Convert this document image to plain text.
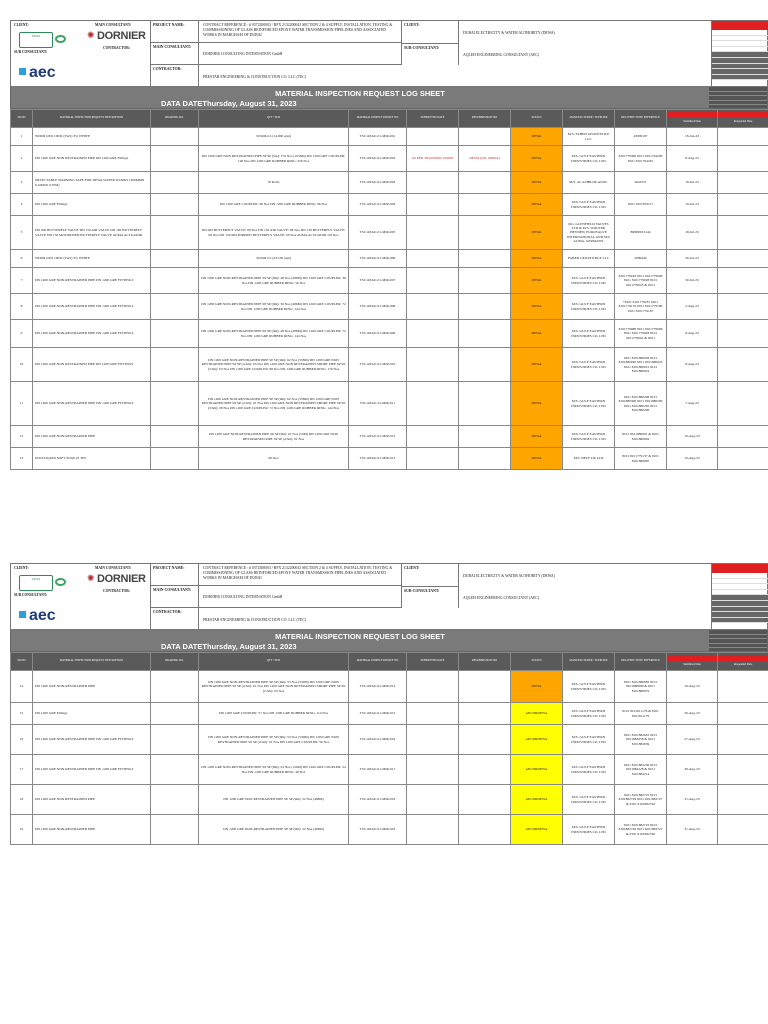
CLIENT:	MAIN CONSULTANT:
DEWA	✺ DORNIER
SUB CONSULTANT:
CONTRACTOR:
aec
PROJECT NAME:	CONTRACT REFERENCE : # 0372300003 / RFX 2132200043 SECTION 2 & 4 SUPPLY, INSTALLATION, TESTING & COMMISSIONING OF GLASS REINFORCED EPOXY WATER TRANSMISSION PIPELINES AND ASSOCIATED WORKS IN MARGHAM OF DUBAI
MAIN CONSULTANT:
DORNIER CONSULTING INTERNATION GmbH
CONTRACTOR:
PRESTAR ENGINEERING & CONSTRUCTION CO. LLC (TEC)
CLIENT:
DUBAI ELECTRICITY & WATER AUTHORITY (DEWA)
SUB-CONSULTANT:
AQLEH ENGINEERING CONSULTANT (AEC)
MATERIAL INSPECTION REQUEST LOG SHEET
DATA DATEThursday, August 31, 2023
SR NO	MATERIAL INSPECTION REQUEST DESCRIPTION	DRAWING NO.	QTY / NOS	MATERIAL INSPECTION REF NO	SUBMITTED DATE	RESUBMISSION NO	STATUS	MANUFACTURER / SUPPLIER	DELIVERY NOTE REFERENCE	Submitted Date	Responded Date
1	WIMD GEO 100/R (YAS) 3% WHITE		50 ROLLS (14,000 sqm)	TSC-RTAU-01-MIR-001			DEWA	M/S. FAHED GEOTEXTILE LLC	43009197	18-Jan-23	
2	DN 1200 GRE NON RESTRAINED PIPE DN 1200 GRE Fittings		DN 1200 GRE NON RESTRAINED PIPE SP SP (Sm): 176 Nos (1056M) DN 1200 GRE COUPLER: 128 Nos DN 1200 GRE RUBBER RING: 256 Nos	TSC-RTAU-01-MIR-002	AS PER TRANSMIT 10090S	DEWA (NO 10090A)	DEWA	M/S. GULF EASTERN INDUSTRIES CO. LTD	8101779390 8101 8101794290 8101 8101794291	8-Aug-23	
3	DETECTABLE WARNING TAPE FOR DEWA WATER WORKS (300MMX 0.1MMX 0.35M)		70 Rolls	TSC-RTAU-01-MIR-003			DEWA	M/S. AL ASHRI PLASTIC	DG6551	18-Jul-23	
4	DN 1200 GRE Fittings		DN 1200 GRE COUPLER: 48 Nos DN 1200 GRE RUBBER RING: 96 Nos	TSC-RTAU-01-MIR-004			DEWA	M/S. GULF EASTERN INDUSTRIES CO. LTD	8101 8101879117	18-Jul-23	
5	DN 200 BUTTERFLY VALVE DN 150 AIR VALVE DN 100 BUTTERFLY VALVE DN 150 MOTORISED BUTTERFLY VALVE AUMA ACTUATOR		DN 200 BUTTERFLY VALVE: 08 Nos DN 150 AIR VALVE: 08 Nos DN 150 BUTTERFLY VALVE: 06 Nos DN 150 MOTORISED BUTTERFLY VALVE: 09 Nos AUMA ACTUATOR: 09 Nos	TSC-RTAU-01-MIR-005			DEWA	M/s. GLENFIELD VALVES LTD & M/S. WOUTER HEYDEN, EUROVALVE INTERNATIONAL AND M/S AUMA, GERMANY	BP000013144	18-Jul-23	
6	WIMD GEO 100/R (YAS) 3% WHITE		30 ROLLS (23,100 sqm)	TSC-RTAU-01-MIR-006			DEWA	FAHED GEOTEXTILE LLC	2089449	30-Jul-23	
7	DN 1200 GRE NON-RESTRAINED PIPE DN 1200 GRE FITTINGS		DN 1200 GRE NON-RESTRAINED PIPE SP SP (9m): 48 Nos (288M) DN 1200 GRE COUPLER: 38 Nos DN 1200 GRE RUBBER RING: 56 Nos	TSC-RTAU-01-MIR-007			DEWA	M/S. GULF EASTERN INDUSTRIES CO. LTD	8101779018 8101 8101779006 8101 8101779028 8101 8101779025 & 8101	30-Jul-23	
8	DN 1200 GRE NON-RESTRAINED PIPE DN 1200 GRE FITTINGS		DN 1200 GRE NON-RESTRAINED PIPE SP SP (9m): 56 Nos (486M) DN 1200 GRE COUPLER: 72 Nos DN 1200 GRE RUBBER RING: 144 Nos	TSC-RTAU-01-MIR-008			DEWA	M/S. GULF EASTERN INDUSTRIES CO. LTD	*8101 8101779181 8101 8101779176 8101 8101779180 8101 8101779187	2-Aug-23	
9	DN 1200 GRE NON-RESTRAINED PIPE DN 1200 GRE FITTINGS		DN 1200 GRE NON-RESTRAINED PIPE SP SP (9m): 48 Nos (288M) DN 1200 GRE COUPLER: 72 Nos DN 1200 GRE RUBBER RING: 144 Nos	TSC-RTAU-01-MIR-009			DEWA	M/S. GULF EASTERN INDUSTRIES CO. LTD	8101779088 8101 8101779096 8101 8101779093 8101 8101779091 & 8101	8-Aug-23	
10	DN 1200 GRE NON RESTRAINED PIPE DN 1200 GRE FITTINGS		DN 1200 GRE NON-RESTRAINED PIPE SP SP (9m): 62 Nos (558M) DN 1200 GRE NON RESTRAINED PIPE SP SP (4.5m): 03 Nos DN 1200 GRE NON RESTRAINED SHORT PIPE SP SP (3.5m): 03 Nos DN 1200 GRE COUPLER: 88 Nos DN 1200 GRE RUBBER RING: 176 Nos	TSC-RTAU-01-MIR-010			DEWA	M/S. GULF EASTERN INDUSTRIES CO. LTD	8101 8101880094 8101 8101880026 8101 8101880023 8101 8101880021 8101 8101880024	8-Aug-23	
11	DN 1200 GRE NON-RESTRAINED PIPE DN 1200 GRE FITTINGS		DN 1200 GRE NON-RESTRAINED PIPE SP SP (9m): 62 Nos (558M) DN 1200 GRE NON RESTRAINED PIPE SP SP (4.5m): 01 Nos DN 1200 GRE NON RESTRAINED SHORT PIPE SP SP (3.5m): 08 Nos DN 1200 GRE COUPLER: 72 Nos DN 1200 GRE RUBBER RING: 144 Nos	TSC-RTAU-01-MIR-011			DEWA	M/S. GULF EASTERN INDUSTRIES CO. LTD	8101 8101880298 8101 8101880300 8101 8101880299 8101 8101880295 8101 8101880296	7-Aug-23	
12	DN 1200 GRE NON-RESTRAINED PIPE		DN 1200 GRE NON-RESTRAINED PIPE SP SP (9m): 07 Nos (53M) DN 1200 GRE NON RESTRAINED PIPE SP SP (4.5m): 01 Nos	TSC-RTAU-01-MIR-012			DEWA	M/S. GULF EASTERN INDUSTRIES CO. LTD	8101 8101880691 & 8101 8101880692	10-Aug-23	
13	POLYLIQUID SOFT SOAP 25 TIN		90 Nos	TSC-RTAU-01-MIR-013			DEWA	M/S. DELF UK LTD	8101 8101779137 & 8101 8101880695	10-Aug-23	
CLIENT:	MAIN CONSULTANT:
DEWA	✺ DORNIER
SUB CONSULTANT:
CONTRACTOR:
aec
PROJECT NAME:	CONTRACT REFERENCE : # 0372300003 / RFX 2132200043 SECTION 2 & 4 SUPPLY, INSTALLATION, TESTING & COMMISSIONING OF GLASS REINFORCED EPOXY WATER TRANSMISSION PIPELINES AND ASSOCIATED WORKS IN MARGHAM OF DUBAI
MAIN CONSULTANT:
DORNIER CONSULTING INTERNATION GmbH
CONTRACTOR:
PRESTAR ENGINEERING & CONSTRUCTION CO. LLC (TEC)
CLIENT:
DUBAI ELECTRICITY & WATER AUTHORITY (DEWA)
SUB-CONSULTANT:
AQLEH ENGINEERING CONSULTANT (AEC)
MATERIAL INSPECTION REQUEST LOG SHEET
DATA DATEThursday, August 31, 2023
SR NO	MATERIAL INSPECTION REQUEST DESCRIPTION	DRAWING NO.	QTY / NOS	MATERIAL INSPECTION REF NO	SUBMITTED DATE	RESUBMISSION NO	STATUS	MANUFACTURER / SUPPLIER	DELIVERY NOTE REFERENCE	Submitted Date	Responded Date
14	DN 1200 GRE NON-RESTRAINED PIPE		DN 1200 GRE NON-RESTRAINED PIPE SP SP (9m): 53 Nos (530M) DN 1200 GRE NON RESTRAINED PIPE SP SP (4.5m): 01 Nos DN 1200 GRE NON RESTRAINED SHORT PIPE SP SP (2.5m): 03 Nos	TSC-RTAU-01-MIR-014			DEWA	M/S. GULF EASTERN INDUSTRIES CO. LTD	8101 8101880682 8101 8101880689 & 8101 8101880679	10-Aug-23	
15	DN 1200 GRE Fittings		DN 1200 GRE COUPLER: 57 Nos DN 1200 GRE RUBBER RING: 114 Nos	TSC-RTAU-01-MIR-015			AECDRDEWA	M/S. GULF EASTERN INDUSTRIES CO. LTD	8101 8101811176 & 8101 8101811179	20-Aug-23	
16	DN 1200 GRE NON-RESTRAINED PIPE DN 1200 GRE FITTINGS		DN 1200 GRE NON-RESTRAINED PIPE SP SP (9m): 53 Nos (530M) DN 1200 GRE NON RESTRAINED PIPE SP SP (4.5m): 01 Nos DN 1200 GRE COUPLER: 56 Nos	TSC-RTAU-01-MIR-016			AECDRDEWA	M/S. GULF EASTERN INDUSTRIES CO. LTD	8101 8101882661 8101 8101882658 & 8101 8101882659	27-Aug-23	
17	DN 1200 GRE NON-RESTRAINED PIPE DN 1200 GRE FITTINGS		DN 1200 GRE NON-RESTRAINED PIPE SP SP (9m): 24 Nos (120M) DN 1200 GRE COUPLER: 24 Nos DN 1200 GRE RUBBER RING: 48 Nos	TSC-RTAU-01-MIR-017			AECDRDEWA	M/S. GULF EASTERN INDUSTRIES CO. LTD	8101 8101882236 8101 8101882228 & 8101 8101882214	30-Aug-23	
18	DN 1200 GRE NON RESTRAINED PIPE		DN 1200 GRE NON RESTRAINED PIPE SP SP (9m): 52 Nos (468M)	TSC-RTAU-01-MIR-018			AECDRDEWA	M/S. GULF EASTERN INDUSTRIES CO. LTD	8101 8101882722 8101 8101882729 8101 8101882727 & 8101 8101882728	31-Aug-23	
19	DN 1200 GRE NON-RESTRAINED PIPE		DN 1200 GRE NON-RESTRAINED PIPE SP SP (9m): 52 Nos (468M)	TSC-RTAU-01-MIR-019			AECDRDEWA	M/S. GULF EASTERN INDUSTRIES CO. LTD	8101 8101882722 8101 8101882726 8101 8101882727 & 8101 8101882728	31-Aug-23	
